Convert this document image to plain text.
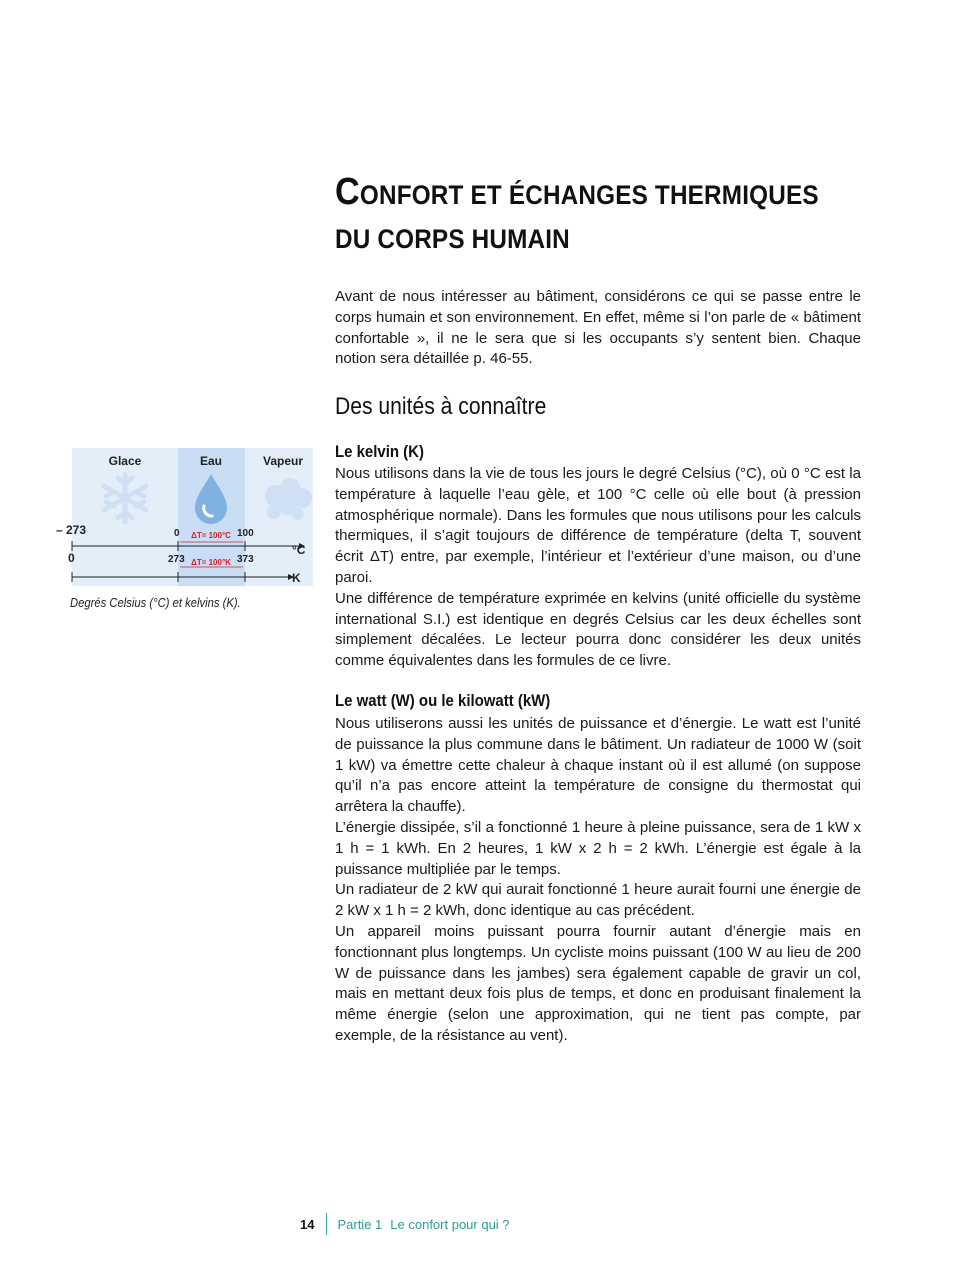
CONFORT ET ÉCHANGES THERMIQUES
DU CORPS HUMAIN

Avant de nous intéresser au bâtiment, considérons ce qui se passe entre le corps humain et son environnement. En effet, même si l’on parle de « bâtiment confortable », il ne le sera que si les occupants s’y sentent bien. Chaque notion sera détaillée p. 46-55.

Des unités à connaître
Le kelvin (K)

Nous utilisons dans la vie de tous les jours le degré Celsius (°C), où 0 °C est la température à laquelle l’eau gèle, et 100 °C celle où elle bout (à pression atmosphérique normale). Dans les formules que nous utilisons pour les calculs thermiques, il s’agit toujours de différence de température (delta T, souvent écrit ΔT) entre, par exemple, l’intérieur et l’extérieur d’une maison, ou d’une paroi.

Une différence de température exprimée en kelvins (unité officielle du système international S.I.) est identique en degrés Celsius car les deux échelles sont simplement décalées. Le lecteur pourra donc considérer les deux unités comme équivalentes dans les formules de ce livre.

Le watt (W) ou le kilowatt (kW)

Nous utiliserons aussi les unités de puissance et d’énergie. Le watt est l’unité de puissance la plus commune dans le bâtiment. Un radiateur de 1000 W (soit 1 kW) va émettre cette chaleur à chaque instant où il est allumé (on suppose qu’il n’a pas encore atteint la température de consigne du thermostat qui arrêtera la chauffe).

L’énergie dissipée, s’il a fonctionné 1 heure à pleine puissance, sera de 1 kW x 1 h = 1 kWh. En 2 heures, 1 kW x 2 h = 2 kWh. L’énergie est égale à la puissance multipliée par le temps.

Un radiateur de 2 kW qui aurait fonctionné 1 heure aurait fourni une énergie de 2 kW x 1 h = 2 kWh, donc identique au cas précédent.

Un appareil moins puissant pourra fournir autant d’énergie mais en fonctionnant plus longtemps. Un cycliste moins puissant (100 W au lieu de 200 W de puissance dans les jambes) sera également capable de gravir un col, mais en mettant deux fois plus de temps, et donc en produisant finalement la même énergie (selon une approximation, qui ne tient pas compte, par exemple, de la résistance au vent).

Glace	Eau	Vapeur
– 273	0	100
°C
ΔT= 100°C
0	273	373
K
ΔT= 100°K

Degrés Celsius (°C) et kelvins (K).

14 Partie 1 Le confort pour qui ?
